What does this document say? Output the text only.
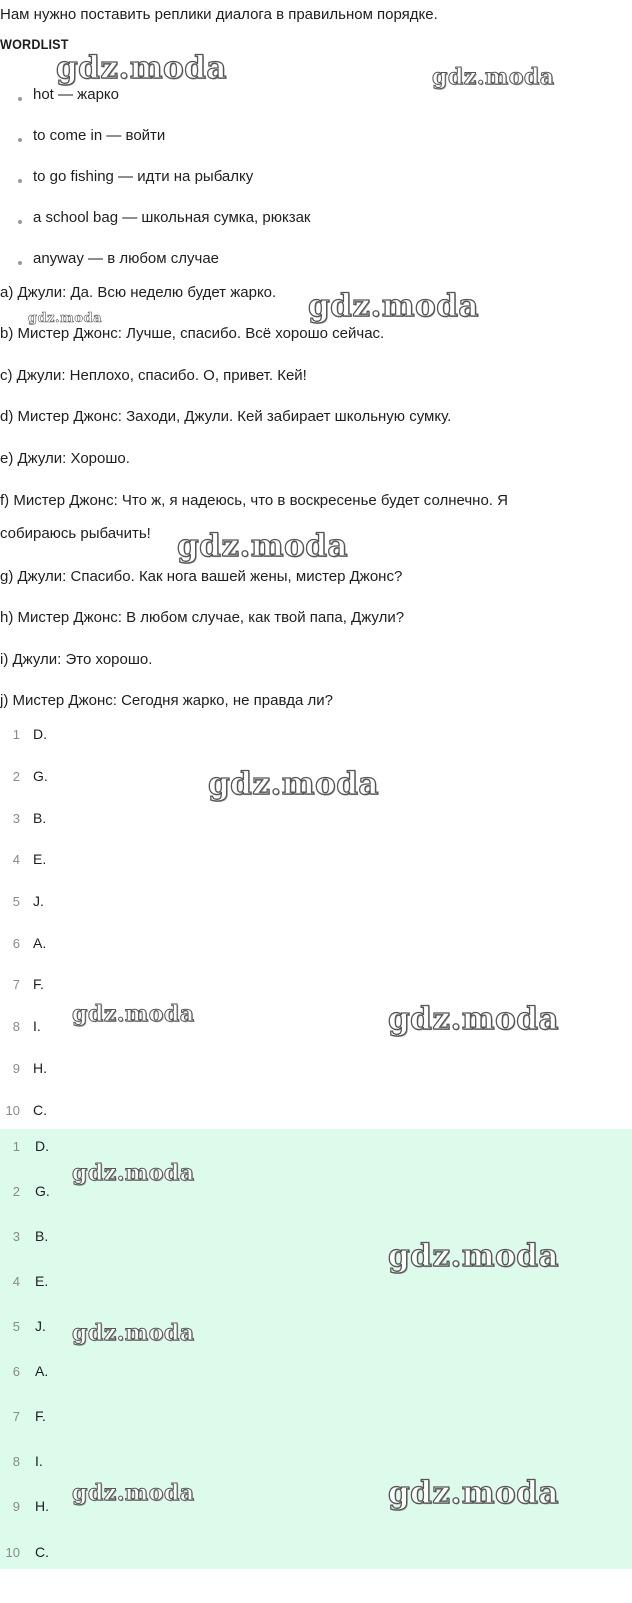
Нам нужно поставить реплики диалога в правильном порядке.
WORDLIST
hot — жарко
to come in — войти
to go fishing — идти на рыбалку
a school bag — школьная сумка, рюкзак
anyway — в любом случае
a) Джули: Да. Всю неделю будет жарко.
b) Мистер Джонс: Лучше, спасибо. Всё хорошо сейчас.
c) Джули: Неплохо, спасибо. О, привет. Кей!
d) Мистер Джонс: Заходи, Джули. Кей забирает школьную сумку.
e) Джули: Хорошо.
f) Мистер Джонс: Что ж, я надеюсь, что в воскресенье будет солнечно. Я
собираюсь рыбачить!
g) Джули: Спасибо. Как нога вашей жены, мистер Джонс?
h) Мистер Джонс: В любом случае, как твой папа, Джули?
i) Джули: Это хорошо.
j) Мистер Джонс: Сегодня жарко, не правда ли?
1 D.
2 G.
3 B.
4 E.
5 J.
6 A.
7 F.
8 I.
9 H.
10 C.
1 D.
2 G.
3 B.
4 E.
5 J.
6 A.
7 F.
8 I.
9 H.
10 C.
gdz.moda	gdz.moda
gdz.moda
gdz.moda
gdz.moda
gdz.moda
gdz.moda	gdz.moda
gdz.moda
gdz.moda
gdz.moda
gdz.moda	gdz.moda
